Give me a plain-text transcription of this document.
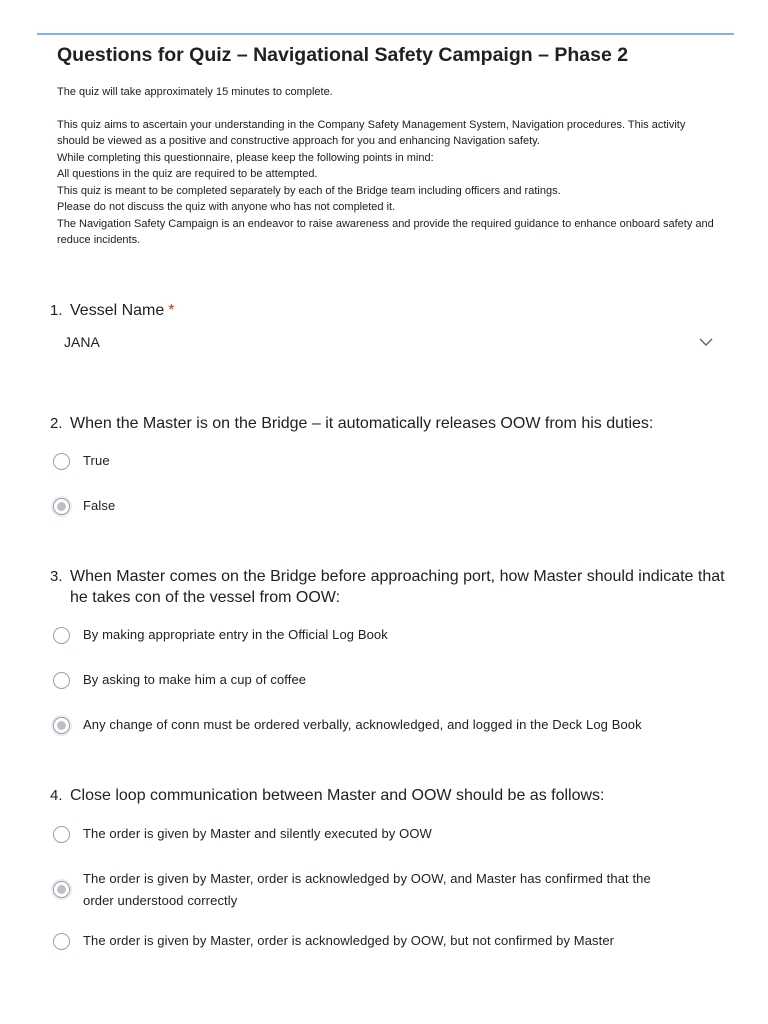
Questions for Quiz – Navigational Safety Campaign – Phase 2

The quiz will take approximately 15 minutes to complete.

This quiz aims to ascertain your understanding in the Company Safety Management System, Navigation procedures. This activity should be viewed as a positive and constructive approach for you and enhancing Navigation safety.

While completing this questionnaire, please keep the following points in mind:

All questions in the quiz are required to be attempted.

This quiz is meant to be completed separately by each of the Bridge team including officers and ratings.

Please do not discuss the quiz with anyone who has not completed it.

The Navigation Safety Campaign is an endeavor to raise awareness and provide the required guidance to enhance onboard safety and reduce incidents.

1. Vessel Name *
JANA
2. When the Master is on the Bridge – it automatically releases OOW from his duties:
True
False
3. When Master comes on the Bridge before approaching port, how Master should indicate that he takes con of the vessel from OOW:
By making appropriate entry in the Official Log Book
By asking to make him a cup of coffee
Any change of conn must be ordered verbally, acknowledged, and logged in the Deck Log Book
4. Close loop communication between Master and OOW should be as follows:
The order is given by Master and silently executed by OOW
The order is given by Master, order is acknowledged by OOW, and Master has confirmed that the order understood correctly
The order is given by Master, order is acknowledged by OOW, but not confirmed by Master
